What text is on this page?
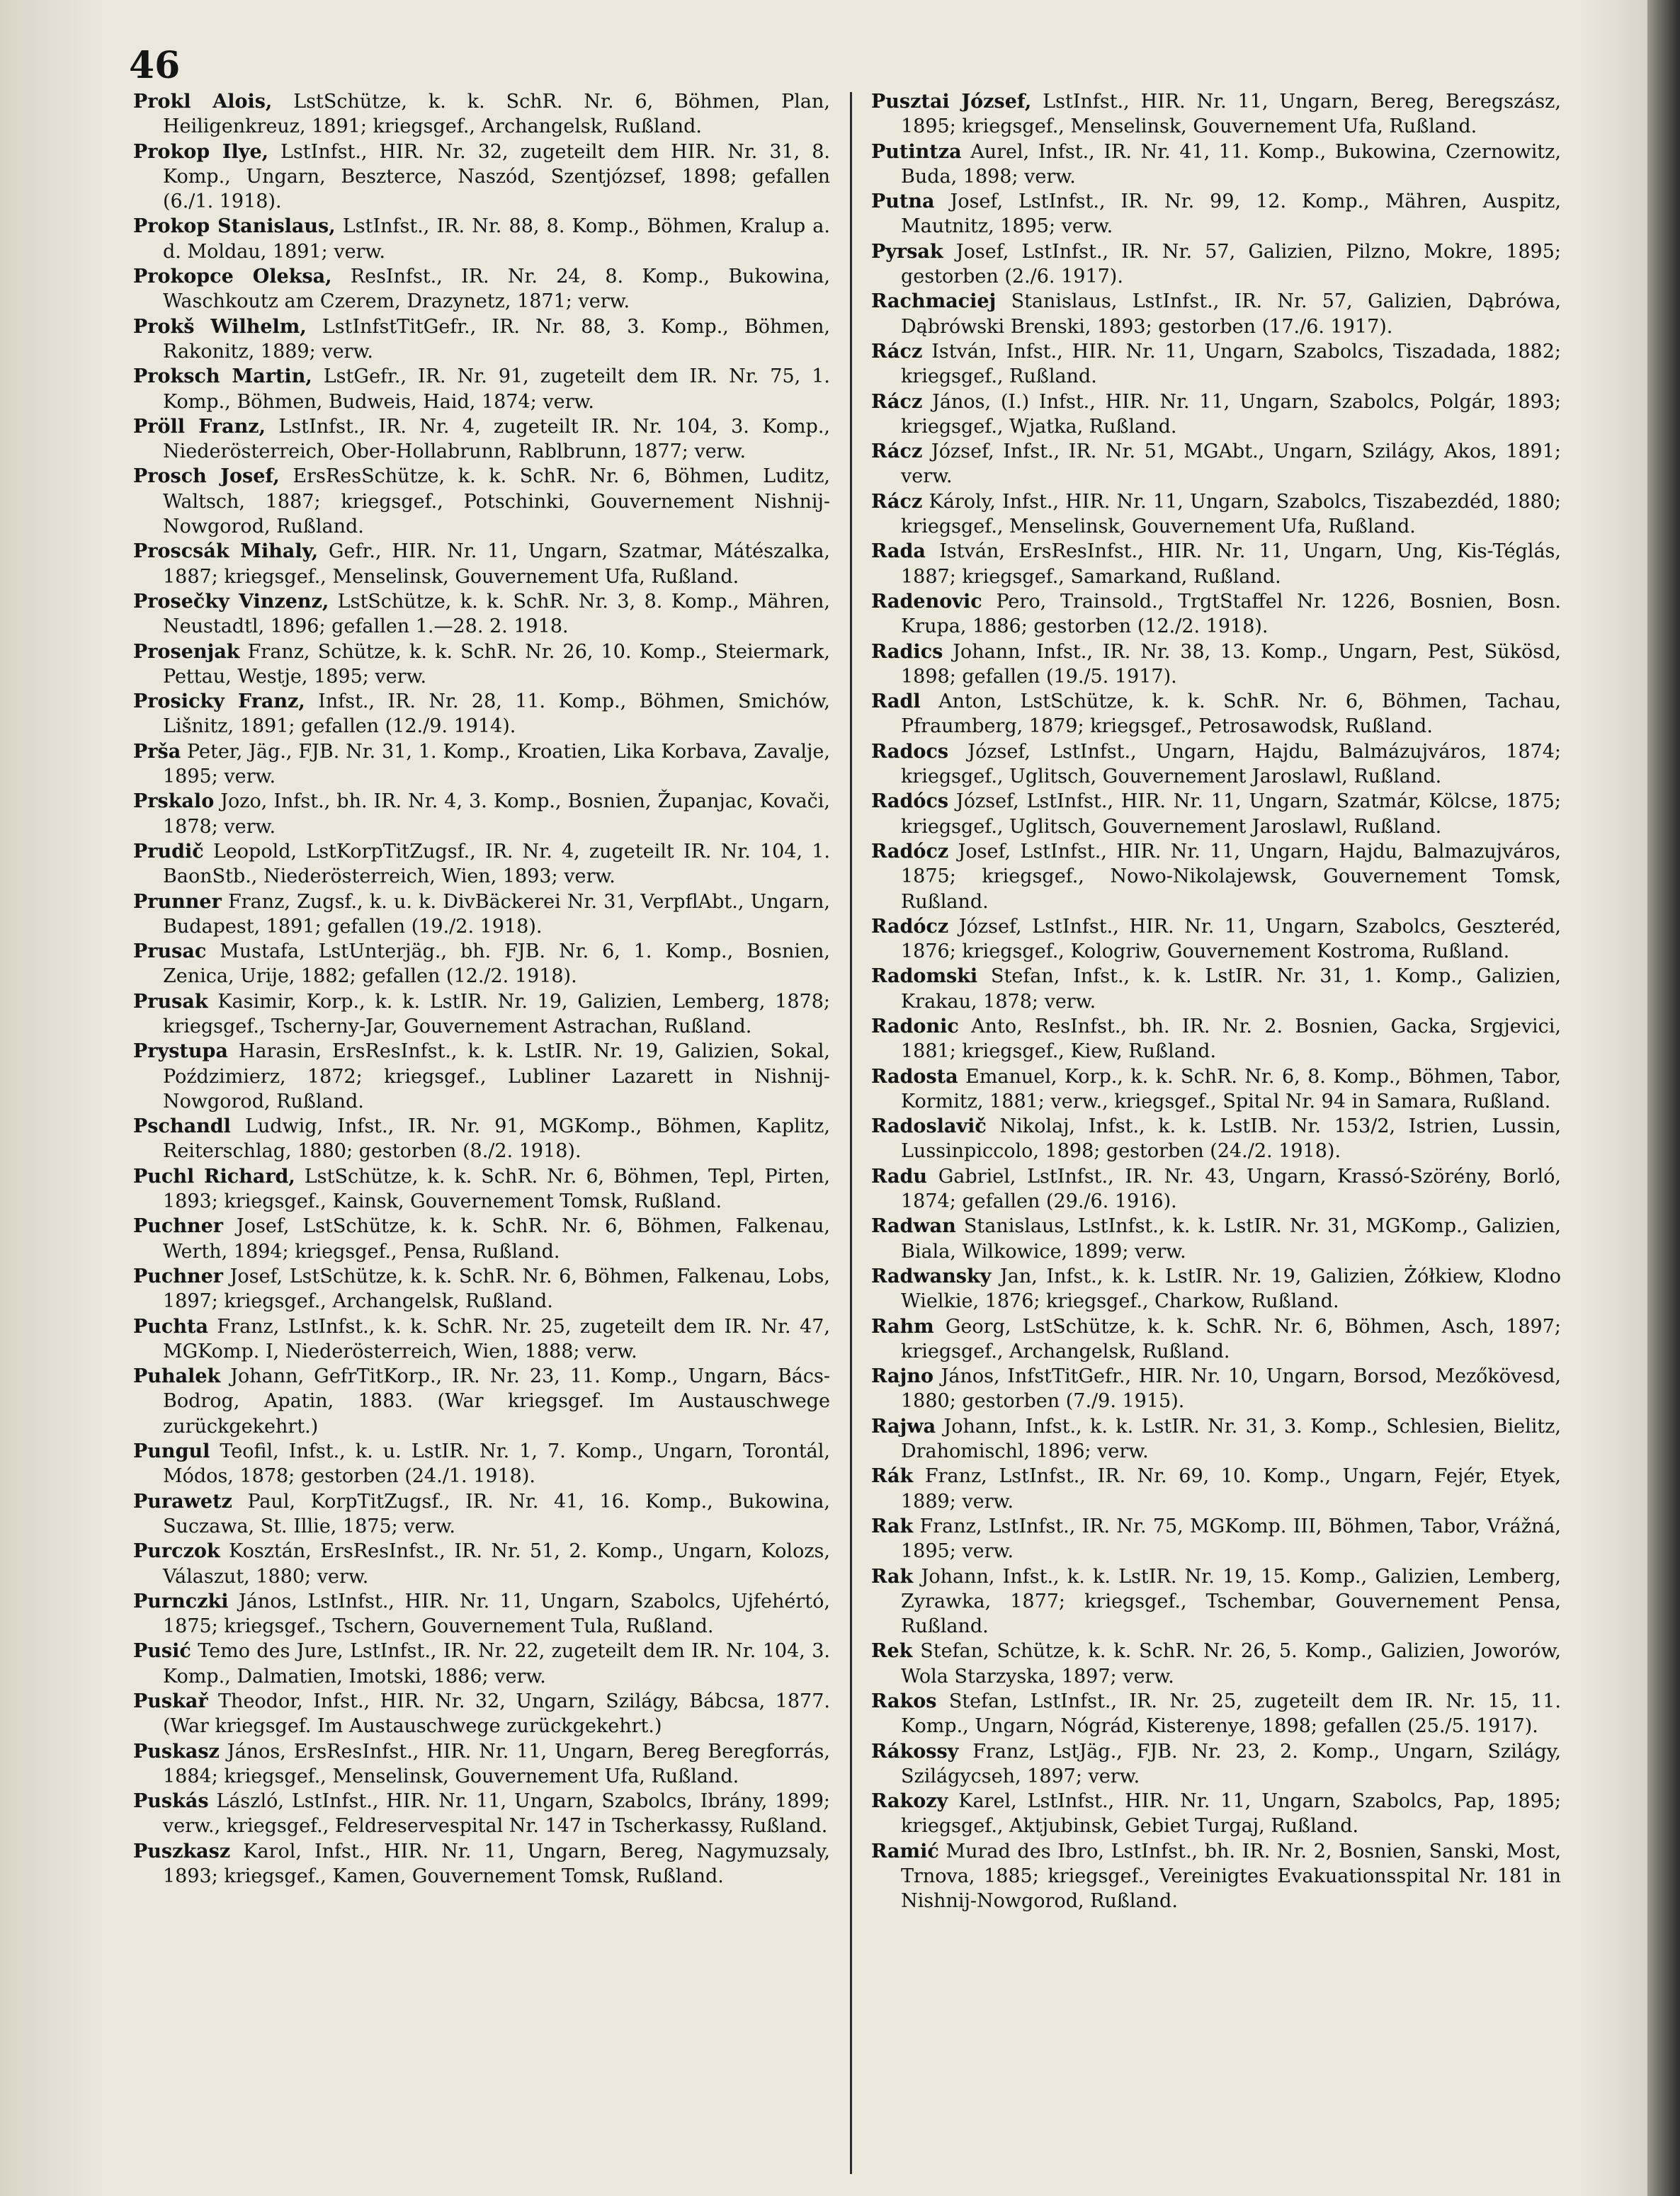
46

Prokl Alois, LstSchütze, k. k. SchR. Nr. 6, Böhmen, Plan, Heiligenkreuz, 1891; kriegsgef., Archangelsk, Rußland.

Prokop Ilye, LstInfst., HIR. Nr. 32, zugeteilt dem HIR. Nr. 31, 8. Komp., Ungarn, Beszterce, Naszód, Szentjózsef, 1898; gefallen (6./1. 1918).

Prokop Stanislaus, LstInfst., IR. Nr. 88, 8. Komp., Böhmen, Kralup a. d. Moldau, 1891; verw.

Prokopce Oleksa, ResInfst., IR. Nr. 24, 8. Komp., Bukowina, Waschkoutz am Czerem, Drazynetz, 1871; verw.

Prokš Wilhelm, LstInfstTitGefr., IR. Nr. 88, 3. Komp., Böhmen, Rakonitz, 1889; verw.

Proksch Martin, LstGefr., IR. Nr. 91, zugeteilt dem IR. Nr. 75, 1. Komp., Böhmen, Budweis, Haid, 1874; verw.

Pröll Franz, LstInfst., IR. Nr. 4, zugeteilt IR. Nr. 104, 3. Komp., Niederösterreich, Ober-Hollabrunn, Rablbrunn, 1877; verw.

Prosch Josef, ErsResSchütze, k. k. SchR. Nr. 6, Böhmen, Luditz, Waltsch, 1887; kriegsgef., Potschinki, Gouvernement Nishnij-Nowgorod, Rußland.

Proscsák Mihaly, Gefr., HIR. Nr. 11, Ungarn, Szatmar, Mátészalka, 1887; kriegsgef., Menselinsk, Gouvernement Ufa, Rußland.

Prosečky Vinzenz, LstSchütze, k. k. SchR. Nr. 3, 8. Komp., Mähren, Neustadtl, 1896; gefallen 1.—28. 2. 1918.

Prosenjak Franz, Schütze, k. k. SchR. Nr. 26, 10. Komp., Steiermark, Pettau, Westje, 1895; verw.

Prosicky Franz, Infst., IR. Nr. 28, 11. Komp., Böhmen, Smichów, Lišnitz, 1891; gefallen (12./9. 1914).

Prša Peter, Jäg., FJB. Nr. 31, 1. Komp., Kroatien, Lika Korbava, Zavalje, 1895; verw.

Prskalo Jozo, Infst., bh. IR. Nr. 4, 3. Komp., Bosnien, Županjac, Kovači, 1878; verw.

Prudič Leopold, LstKorpTitZugsf., IR. Nr. 4, zugeteilt IR. Nr. 104, 1. BaonStb., Niederösterreich, Wien, 1893; verw.

Prunner Franz, Zugsf., k. u. k. DivBäckerei Nr. 31, VerpflAbt., Ungarn, Budapest, 1891; gefallen (19./2. 1918).

Prusac Mustafa, LstUnterjäg., bh. FJB. Nr. 6, 1. Komp., Bosnien, Zenica, Urije, 1882; gefallen (12./2. 1918).

Prusak Kasimir, Korp., k. k. LstIR. Nr. 19, Galizien, Lemberg, 1878; kriegsgef., Tscherny-Jar, Gouvernement Astrachan, Rußland.

Prystupa Harasin, ErsResInfst., k. k. LstIR. Nr. 19, Galizien, Sokal, Poździmierz, 1872; kriegsgef., Lubliner Lazarett in Nishnij-Nowgorod, Rußland.

Pschandl Ludwig, Infst., IR. Nr. 91, MGKomp., Böhmen, Kaplitz, Reiterschlag, 1880; gestorben (8./2. 1918).

Puchl Richard, LstSchütze, k. k. SchR. Nr. 6, Böhmen, Tepl, Pirten, 1893; kriegsgef., Kainsk, Gouvernement Tomsk, Rußland.

Puchner Josef, LstSchütze, k. k. SchR. Nr. 6, Böhmen, Falkenau, Werth, 1894; kriegsgef., Pensa, Rußland.

Puchner Josef, LstSchütze, k. k. SchR. Nr. 6, Böhmen, Falkenau, Lobs, 1897; kriegsgef., Archangelsk, Rußland.

Puchta Franz, LstInfst., k. k. SchR. Nr. 25, zugeteilt dem IR. Nr. 47, MGKomp. I, Niederösterreich, Wien, 1888; verw.

Puhalek Johann, GefrTitKorp., IR. Nr. 23, 11. Komp., Ungarn, Bács-Bodrog, Apatin, 1883. (War kriegsgef. Im Austauschwege zurückgekehrt.)

Pungul Teofil, Infst., k. u. LstIR. Nr. 1, 7. Komp., Ungarn, Torontál, Módos, 1878; gestorben (24./1. 1918).

Purawetz Paul, KorpTitZugsf., IR. Nr. 41, 16. Komp., Bukowina, Suczawa, St. Illie, 1875; verw.

Purczok Kosztán, ErsResInfst., IR. Nr. 51, 2. Komp., Ungarn, Kolozs, Válaszut, 1880; verw.

Purnczki János, LstInfst., HIR. Nr. 11, Ungarn, Szabolcs, Ujfehértó, 1875; kriegsgef., Tschern, Gouvernement Tula, Rußland.

Pusić Temo des Jure, LstInfst., IR. Nr. 22, zugeteilt dem IR. Nr. 104, 3. Komp., Dalmatien, Imotski, 1886; verw.

Puskař Theodor, Infst., HIR. Nr. 32, Ungarn, Szilágy, Bábcsa, 1877. (War kriegsgef. Im Austauschwege zurückgekehrt.)

Puskasz János, ErsResInfst., HIR. Nr. 11, Ungarn, Bereg Beregforrás, 1884; kriegsgef., Menselinsk, Gouvernement Ufa, Rußland.

Puskás László, LstInfst., HIR. Nr. 11, Ungarn, Szabolcs, Ibrány, 1899; verw., kriegsgef., Feldreservespital Nr. 147 in Tscherkassy, Rußland.

Puszkasz Karol, Infst., HIR. Nr. 11, Ungarn, Bereg, Nagymuzsaly, 1893; kriegsgef., Kamen, Gouvernement Tomsk, Rußland.

Pusztai József, LstInfst., HIR. Nr. 11, Ungarn, Bereg, Beregszász, 1895; kriegsgef., Menselinsk, Gouvernement Ufa, Rußland.

Putintza Aurel, Infst., IR. Nr. 41, 11. Komp., Bukowina, Czernowitz, Buda, 1898; verw.

Putna Josef, LstInfst., IR. Nr. 99, 12. Komp., Mähren, Auspitz, Mautnitz, 1895; verw.

Pyrsak Josef, LstInfst., IR. Nr. 57, Galizien, Pilzno, Mokre, 1895; gestorben (2./6. 1917).

Rachmaciej Stanislaus, LstInfst., IR. Nr. 57, Galizien, Dąbrówa, Dąbrówski Brenski, 1893; gestorben (17./6. 1917).

Rácz István, Infst., HIR. Nr. 11, Ungarn, Szabolcs, Tiszadada, 1882; kriegsgef., Rußland.

Rácz János, (I.) Infst., HIR. Nr. 11, Ungarn, Szabolcs, Polgár, 1893; kriegsgef., Wjatka, Rußland.

Rácz József, Infst., IR. Nr. 51, MGAbt., Ungarn, Szilágy, Akos, 1891; verw.

Rácz Károly, Infst., HIR. Nr. 11, Ungarn, Szabolcs, Tiszabezdéd, 1880; kriegsgef., Menselinsk, Gouvernement Ufa, Rußland.

Rada István, ErsResInfst., HIR. Nr. 11, Ungarn, Ung, Kis-Téglás, 1887; kriegsgef., Samarkand, Rußland.

Radenovic Pero, Trainsold., TrgtStaffel Nr. 1226, Bosnien, Bosn. Krupa, 1886; gestorben (12./2. 1918).

Radics Johann, Infst., IR. Nr. 38, 13. Komp., Ungarn, Pest, Sükösd, 1898; gefallen (19./5. 1917).

Radl Anton, LstSchütze, k. k. SchR. Nr. 6, Böhmen, Tachau, Pfraumberg, 1879; kriegsgef., Petrosawodsk, Rußland.

Radocs József, LstInfst., Ungarn, Hajdu, Balmázujváros, 1874; kriegsgef., Uglitsch, Gouvernement Jaroslawl, Rußland.

Radócs József, LstInfst., HIR. Nr. 11, Ungarn, Szatmár, Kölcse, 1875; kriegsgef., Uglitsch, Gouvernement Jaroslawl, Rußland.

Radócz Josef, LstInfst., HIR. Nr. 11, Ungarn, Hajdu, Balmazujváros, 1875; kriegsgef., Nowo-Nikolajewsk, Gouvernement Tomsk, Rußland.

Radócz József, LstInfst., HIR. Nr. 11, Ungarn, Szabolcs, Geszteréd, 1876; kriegsgef., Kologriw, Gouvernement Kostroma, Rußland.

Radomski Stefan, Infst., k. k. LstIR. Nr. 31, 1. Komp., Galizien, Krakau, 1878; verw.

Radonic Anto, ResInfst., bh. IR. Nr. 2. Bosnien, Gacka, Srgjevici, 1881; kriegsgef., Kiew, Rußland.

Radosta Emanuel, Korp., k. k. SchR. Nr. 6, 8. Komp., Böhmen, Tabor, Kormitz, 1881; verw., kriegsgef., Spital Nr. 94 in Samara, Rußland.

Radoslavič Nikolaj, Infst., k. k. LstIB. Nr. 153/2, Istrien, Lussin, Lussinpiccolo, 1898; gestorben (24./2. 1918).

Radu Gabriel, LstInfst., IR. Nr. 43, Ungarn, Krassó-Szörény, Borló, 1874; gefallen (29./6. 1916).

Radwan Stanislaus, LstInfst., k. k. LstIR. Nr. 31, MGKomp., Galizien, Biala, Wilkowice, 1899; verw.

Radwansky Jan, Infst., k. k. LstIR. Nr. 19, Galizien, Żółkiew, Klodno Wielkie, 1876; kriegsgef., Charkow, Rußland.

Rahm Georg, LstSchütze, k. k. SchR. Nr. 6, Böhmen, Asch, 1897; kriegsgef., Archangelsk, Rußland.

Rajno János, InfstTitGefr., HIR. Nr. 10, Ungarn, Borsod, Mezőkövesd, 1880; gestorben (7./9. 1915).

Rajwa Johann, Infst., k. k. LstIR. Nr. 31, 3. Komp., Schlesien, Bielitz, Drahomischl, 1896; verw.

Rák Franz, LstInfst., IR. Nr. 69, 10. Komp., Ungarn, Fejér, Etyek, 1889; verw.

Rak Franz, LstInfst., IR. Nr. 75, MGKomp. III, Böhmen, Tabor, Vrážná, 1895; verw.

Rak Johann, Infst., k. k. LstIR. Nr. 19, 15. Komp., Galizien, Lemberg, Zyrawka, 1877; kriegsgef., Tschembar, Gouvernement Pensa, Rußland.

Rek Stefan, Schütze, k. k. SchR. Nr. 26, 5. Komp., Galizien, Joworów, Wola Starzyska, 1897; verw.

Rakos Stefan, LstInfst., IR. Nr. 25, zugeteilt dem IR. Nr. 15, 11. Komp., Ungarn, Nógrád, Kisterenye, 1898; gefallen (25./5. 1917).

Rákossy Franz, LstJäg., FJB. Nr. 23, 2. Komp., Ungarn, Szilágy, Szilágycseh, 1897; verw.

Rakozy Karel, LstInfst., HIR. Nr. 11, Ungarn, Szabolcs, Pap, 1895; kriegsgef., Aktjubinsk, Gebiet Turgaj, Rußland.

Ramić Murad des Ibro, LstInfst., bh. IR. Nr. 2, Bosnien, Sanski, Most, Trnova, 1885; kriegsgef., Vereinigtes Evakuationsspital Nr. 181 in Nishnij-Nowgorod, Rußland.
